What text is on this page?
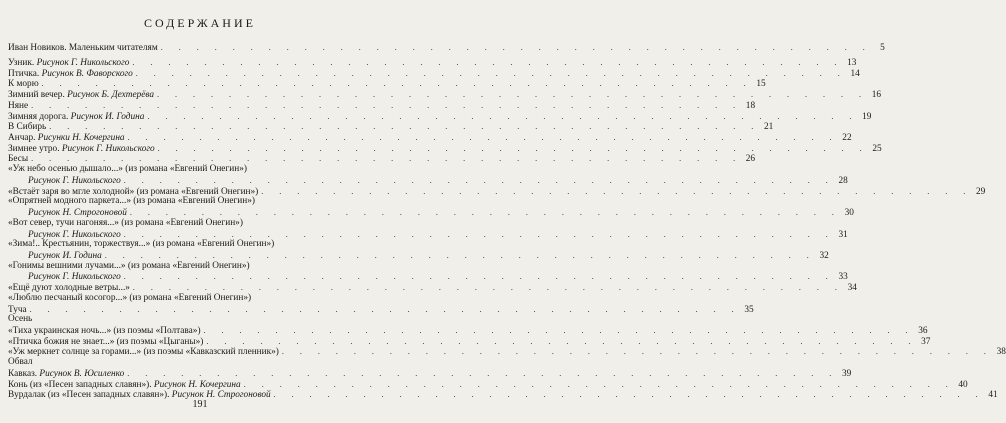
СОДЕРЖАНИЕ
Иван Новиков. Маленьким читателям . . . . . . . . . . . . . . . . . . . . . . . . . . . . . . . . . . . . . . . . 5
Узник. Рисунок Г. Никольского . . . . . . . . . . . . . . . . . . . . . . . . . . . . . . . . . . . . . . . . 13
Птичка. Рисунок В. Фаворского . . . . . . . . . . . . . . . . . . . . . . . . . . . . . . . . . . . . . . . . 14
К морю . . . . . . . . . . . . . . . . . . . . . . . . . . . . . . . . . . . . . . . . 15
Зимний вечер. Рисунок Б. Дехтерёва . . . . . . . . . . . . . . . . . . . . . . . . . . . . . . . . . . . . . . . . 16
Няне . . . . . . . . . . . . . . . . . . . . . . . . . . . . . . . . . . . . . . . . 18
Зимняя дорога. Рисунок И. Година . . . . . . . . . . . . . . . . . . . . . . . . . . . . . . . . . . . . . . . . 19
В Сибирь . . . . . . . . . . . . . . . . . . . . . . . . . . . . . . . . . . . . . . . . 21
Анчар. Рисунки Н. Кочергина . . . . . . . . . . . . . . . . . . . . . . . . . . . . . . . . . . . . . . . . 22
Зимнее утро. Рисунок Г. Никольского . . . . . . . . . . . . . . . . . . . . . . . . . . . . . . . . . . . . . . . . 25
Бесы . . . . . . . . . . . . . . . . . . . . . . . . . . . . . . . . . . . . . . . . 26
«Уж небо осенью дышало...» (из романа «Евгений Онегин»)
Рисунок Г. Никольского . . . . . . . . . . . . . . . . . . . . . . . . . . . . . . . . . . . . . . . . 28
«Встаёт заря во мгле холодной» (из романа «Евгений Онегин») . . . . . . . . . . . . . . . . . . . . . . . . . . . . . . . . . . . . . . . . 29
«Опрятней модного паркета...» (из романа «Евгений Онегин»)
Рисунок Н. Строгоновой . . . . . . . . . . . . . . . . . . . . . . . . . . . . . . . . . . . . . . . . 30
«Вот север, тучи нагоняя...» (из романа «Евгений Онегин»)
Рисунок Г. Никольского . . . . . . . . . . . . . . . . . . . . . . . . . . . . . . . . . . . . . . . . 31
«Зима!.. Крестьянин, торжествуя...» (из романа «Евгений Онегин»)
Рисунок И. Година . . . . . . . . . . . . . . . . . . . . . . . . . . . . . . . . . . . . . . . . 32
«Гонимы вешними лучами...» (из романа «Евгений Онегин»)
Рисунок Г. Никольского . . . . . . . . . . . . . . . . . . . . . . . . . . . . . . . . . . . . . . . . 33
«Ещё дуют холодные ветры...» . . . . . . . . . . . . . . . . . . . . . . . . . . . . . . . . . . . . . . . . 34
«Люблю песчаный косогор...» (из романа «Евгений Онегин»)
Туча . . . . . . . . . . . . . . . . . . . . . . . . . . . . . . . . . . . . . . . . 35
Осень
«Тиха украинская ночь...» (из поэмы «Полтава») . . . . . . . . . . . . . . . . . . . . . . . . . . . . . . . . . . . . . . . . 36
«Птичка божия не знает...» (из поэмы «Цыганы») . . . . . . . . . . . . . . . . . . . . . . . . . . . . . . . . . . . . . . . . 37
«Уж меркнет солнце за горами...» (из поэмы «Кавказский пленник») . . . . . . . . . . . . . . . . . . . . . . . . . . . . . . . . . . . . . . . . 38
Обвал
Кавказ. Рисунок В. Юсиленко . . . . . . . . . . . . . . . . . . . . . . . . . . . . . . . . . . . . . . . . 39
Конь (из «Песен западных славян»). Рисунок Н. Кочергина . . . . . . . . . . . . . . . . . . . . . . . . . . . . . . . . . . . . . . . . 40
Вурдалак (из «Песен западных славян»). Рисунок Н. Строгоновой . . . . . . . . . . . . . . . . . . . . . . . . . . . . . . . . . . . . . . . . 41
191
